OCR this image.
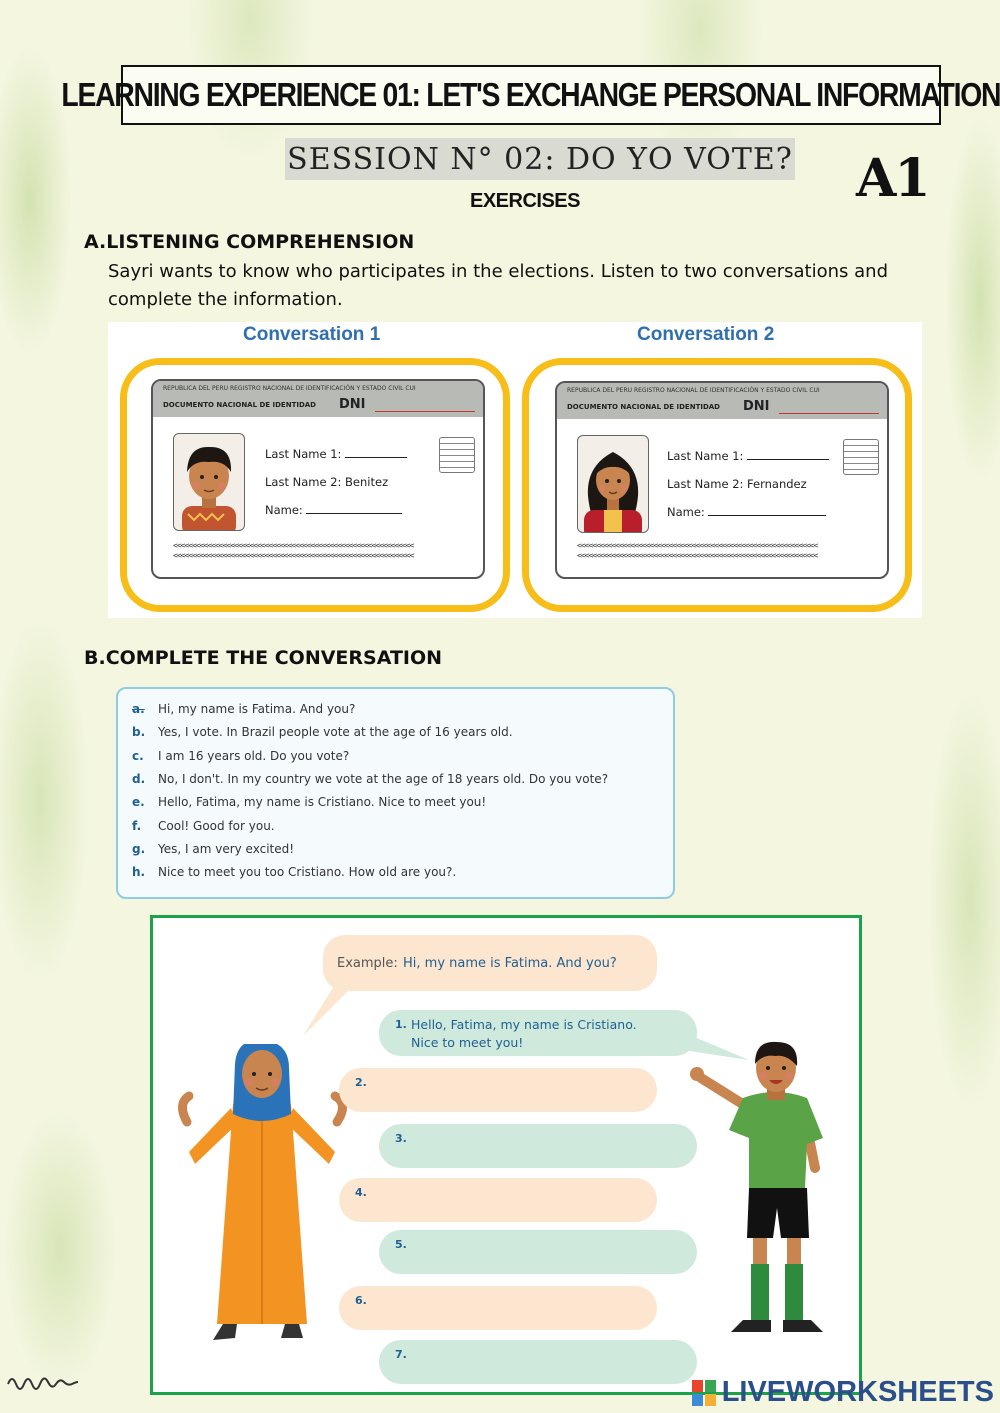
LEARNING EXPERIENCE 01: LET'S EXCHANGE PERSONAL INFORMATION
SESSION N° 02: DO YO VOTE? A1
EXERCISES
A.LISTENING COMPREHENSION
Sayri wants to know who participates in the elections. Listen to two conversations and complete the information.
Conversation 1	Conversation 2
REPUBLICA DEL PERU REGISTRO NACIONAL DE IDENTIFICACIÓN Y ESTADO CIVIL CUI
DOCUMENTO NACIONAL DE IDENTIDAD DNI
Last Name 1:
Last Name 2: Benitez
Name:
<<<<<<<<<<<<<<<<<<<<<<<<<<<<<<<<<<<<<<<<<<<<<<<<<<<<<<<<<<<<<<<
<<<<<<<<<<<<<<<<<<<<<<<<<<<<<<<<<<<<<<<<<<<<<<<<<<<<<<<<<<<<<<<
REPUBLICA DEL PERU REGISTRO NACIONAL DE IDENTIFICACIÓN Y ESTADO CIVIL CUI
DOCUMENTO NACIONAL DE IDENTIDAD DNI
Last Name 1:
Last Name 2: Fernandez
Name:
<<<<<<<<<<<<<<<<<<<<<<<<<<<<<<<<<<<<<<<<<<<<<<<<<<<<<<<<<<<<<<<
<<<<<<<<<<<<<<<<<<<<<<<<<<<<<<<<<<<<<<<<<<<<<<<<<<<<<<<<<<<<<<<
B.COMPLETE THE CONVERSATION
a. Hi, my name is Fatima. And you?
b. Yes, I vote. In Brazil people vote at the age of 16 years old.
c. I am 16 years old. Do you vote?
d. No, I don't. In my country we vote at the age of 18 years old. Do you vote?
e. Hello, Fatima, my name is Cristiano. Nice to meet you!
f. Cool! Good for you.
g. Yes, I am very excited!
h. Nice to meet you too Cristiano. How old are you?.
Example: Hi, my name is Fatima. And you?
1. Hello, Fatima, my name is Cristiano.
Nice to meet you!
2.
3.
4.
5.
6.
7.
LIVEWORKSHEETS
